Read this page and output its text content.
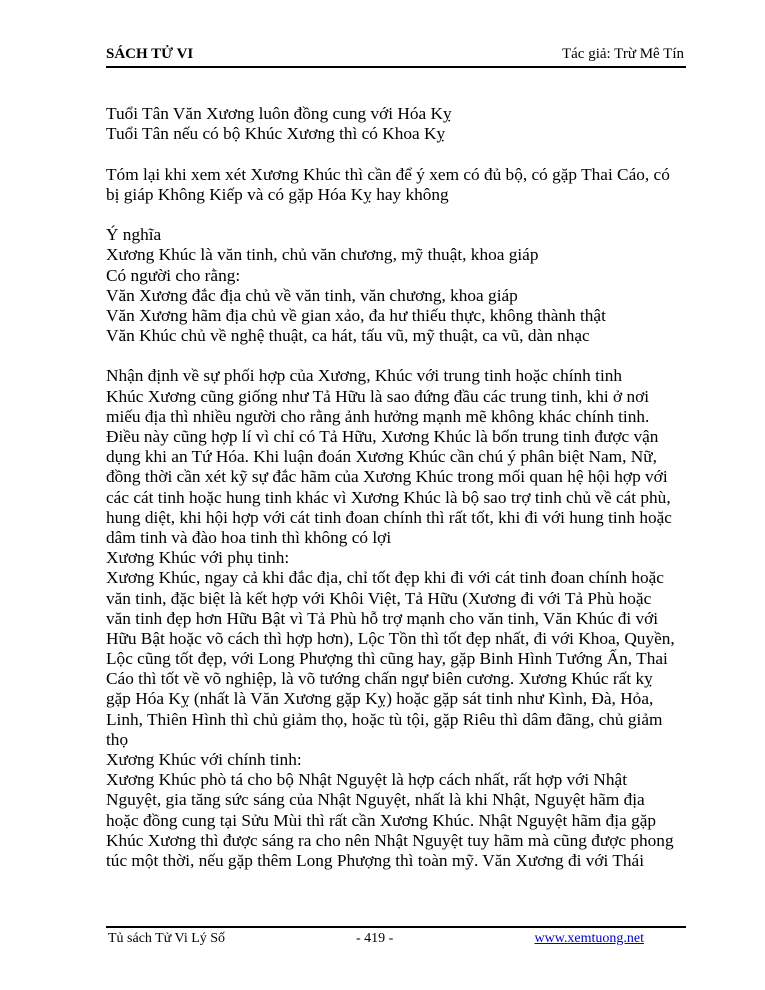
SÁCH TỬ VI	Tác giả: Trừ Mê Tín
Tuổi Tân Văn Xương luôn đồng cung với Hóa Kỵ
Tuổi Tân nếu có bộ Khúc Xương thì có Khoa Kỵ
Tóm lại khi xem xét Xương Khúc thì cần để ý xem có đủ bộ, có gặp Thai Cáo, có
bị giáp Không Kiếp và có gặp Hóa Kỵ hay không
Ý nghĩa
Xương Khúc là văn tinh, chủ văn chương, mỹ thuật, khoa giáp
Có người cho rằng:
Văn Xương đắc địa chủ về văn tinh, văn chương, khoa giáp
Văn Xương hãm địa chủ về gian xảo, đa hư thiếu thực, không thành thật
Văn Khúc chủ về nghệ thuật, ca hát, tấu vũ, mỹ thuật, ca vũ, dàn nhạc
Nhận định về sự phối hợp của Xương, Khúc với trung tinh hoặc chính tinh
Khúc Xương cũng giống như Tả Hữu là sao đứng đầu các trung tinh, khi ở nơi
miếu địa thì nhiều người cho rằng ảnh hưởng mạnh mẽ không khác chính tinh.
Điều này cũng hợp lí vì chỉ có Tả Hữu, Xương Khúc là bốn trung tinh được vận
dụng khi an Tứ Hóa. Khi luận đoán Xương Khúc cần chú ý phân biệt Nam, Nữ,
đồng thời cần xét kỹ sự đắc hãm của Xương Khúc trong mối quan hệ hội hợp với
các cát tinh hoặc hung tinh khác vì Xương Khúc là bộ sao trợ tinh chủ về cát phù,
hung diệt, khi hội hợp với cát tinh đoan chính thì rất tốt, khi đi với hung tinh hoặc
dâm tinh và đào hoa tinh thì không có lợi
Xương Khúc với phụ tinh:
Xương Khúc, ngay cả khi đắc địa, chỉ tốt đẹp khi đi với cát tinh đoan chính hoặc
văn tinh, đặc biệt là kết hợp với Khôi Việt, Tả Hữu (Xương đi với Tả Phù hoặc
văn tinh đẹp hơn Hữu Bật vì Tả Phù hỗ trợ mạnh cho văn tinh, Văn Khúc đi với
Hữu Bật hoặc võ cách thì hợp hơn), Lộc Tồn thì tốt đẹp nhất, đi với Khoa, Quyền,
Lộc cũng tốt đẹp, với Long Phượng thì cũng hay, gặp Binh Hình Tướng Ấn, Thai
Cáo thì tốt về võ nghiệp, là võ tướng chấn ngự biên cương. Xương Khúc rất kỵ
gặp Hóa Kỵ (nhất là Văn Xương gặp Kỵ) hoặc gặp sát tinh như Kình, Đà, Hỏa,
Linh, Thiên Hình thì chủ giảm thọ, hoặc tù tội, gặp Riêu thì dâm đãng, chủ giảm
thọ
Xương Khúc với chính tinh:
Xương Khúc phò tá cho bộ Nhật Nguyệt là hợp cách nhất, rất hợp với Nhật
Nguyệt, gia tăng sức sáng của Nhật Nguyệt, nhất là khi Nhật, Nguyệt hãm địa
hoặc đồng cung tại Sửu Mùi thì rất cần Xương Khúc. Nhật Nguyệt hãm địa gặp
Khúc Xương thì được sáng ra cho nên Nhật Nguyệt tuy hãm mà cũng được phong
túc một thời, nếu gặp thêm Long Phượng thì toàn mỹ. Văn Xương đi với Thái
Tủ sách Tử Vi Lý Số	- 419 -	www.xemtuong.net
